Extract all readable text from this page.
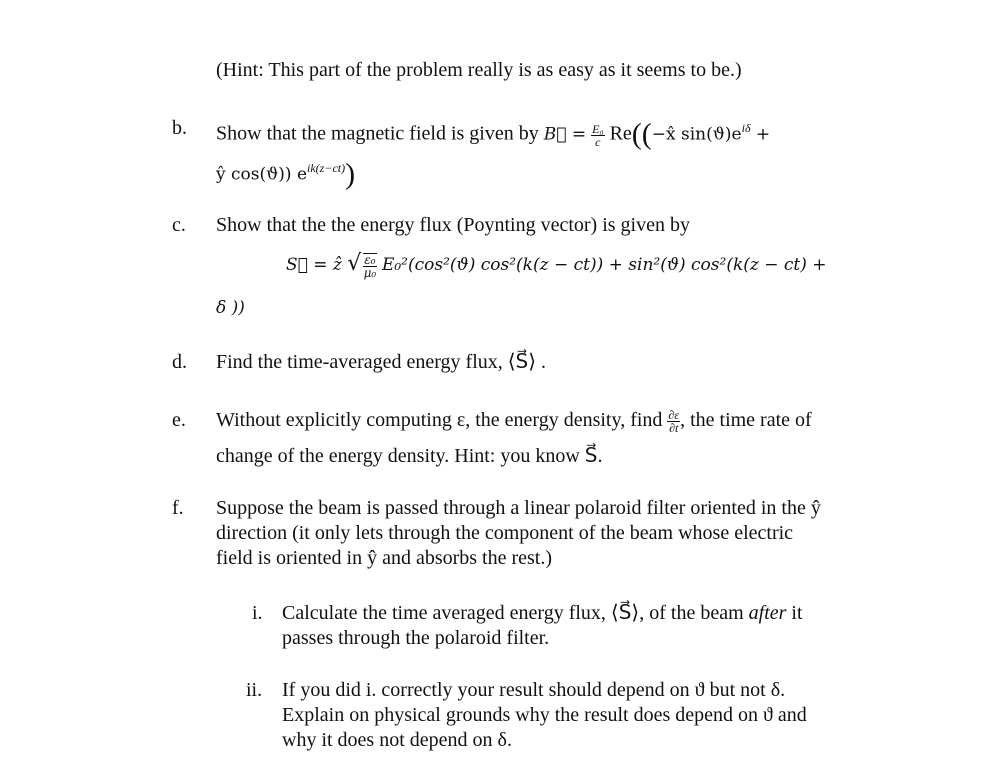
(Hint: This part of the problem really is as easy as it seems to be.)
b. Show that the magnetic field is given by B⃗ = $\frac{\text{E₀}}{c}$ Re((−x̂ $\sin(ϑ)e^{i\delta}$ +
ŷ cos(ϑ)) $e^{ik(z-ct)}$)
c. Show that the the energy flux (Poynting vector) is given by
S⃗ = ẑ √ $\frac{\text{ε₀}}{\text{μ₀}} E_0^2(\cos^2(ϑ) \cos^2(k(z - ct)) + \sin^2(ϑ) \cos^2(k(z - ct)$ +
δ ))
d. Find the time-averaged energy flux, ⟨S⃗⟩ .
e. Without explicitly computing ε, the energy density, find $\frac{\partial\varepsilon}{\partial t}$ , the time rate of
change of the energy density. Hint: you know S⃗.
f. Suppose the beam is passed through a linear polaroid filter oriented in the ŷ
direction (it only lets through the component of the beam whose electric
field is oriented in ŷ and absorbs the rest.)
i. Calculate the time averaged energy flux, ⟨S⃗⟩, of the beam after it
passes through the polaroid filter.
ii. If you did i. correctly your result should depend on ϑ but not δ.
Explain on physical grounds why the result does depend on ϑ and
why it does not depend on δ.
